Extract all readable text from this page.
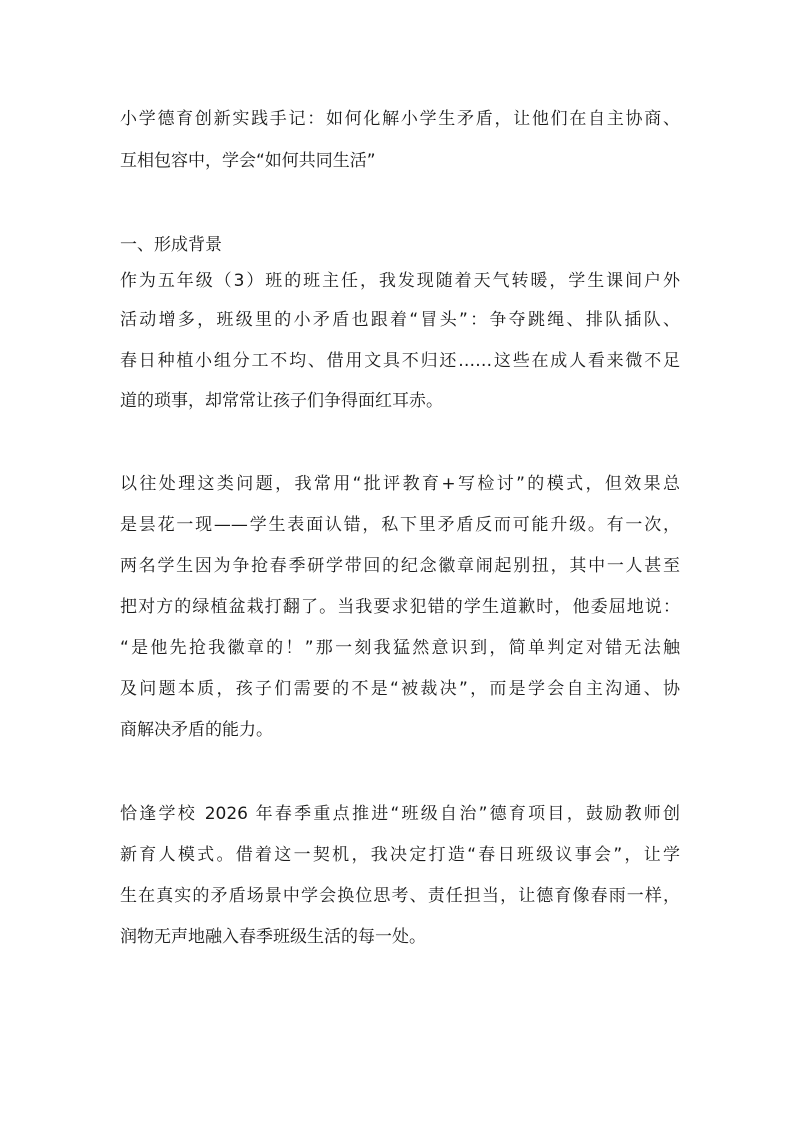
小学德育创新实践手记：如何化解小学生矛盾，让他们在自主协商、

互相包容中，学会“如何共同生活”

一、形成背景

作为五年级（3）班的班主任，我发现随着天气转暖，学生课间户外

活动增多，班级里的小矛盾也跟着“冒头”：争夺跳绳、排队插队、

春日种植小组分工不均、借用文具不归还……这些在成人看来微不足

道的琐事，却常常让孩子们争得面红耳赤。

以往处理这类问题，我常用“批评教育+写检讨”的模式，但效果总

是昙花一现——学生表面认错，私下里矛盾反而可能升级。有一次，

两名学生因为争抢春季研学带回的纪念徽章闹起别扭，其中一人甚至

把对方的绿植盆栽打翻了。当我要求犯错的学生道歉时，他委屈地说：

“是他先抢我徽章的！”那一刻我猛然意识到，简单判定对错无法触

及问题本质，孩子们需要的不是“被裁决”，而是学会自主沟通、协

商解决矛盾的能力。

恰逢学校 2026 年春季重点推进“班级自治”德育项目，鼓励教师创

新育人模式。借着这一契机，我决定打造“春日班级议事会”，让学

生在真实的矛盾场景中学会换位思考、责任担当，让德育像春雨一样，

润物无声地融入春季班级生活的每一处。
